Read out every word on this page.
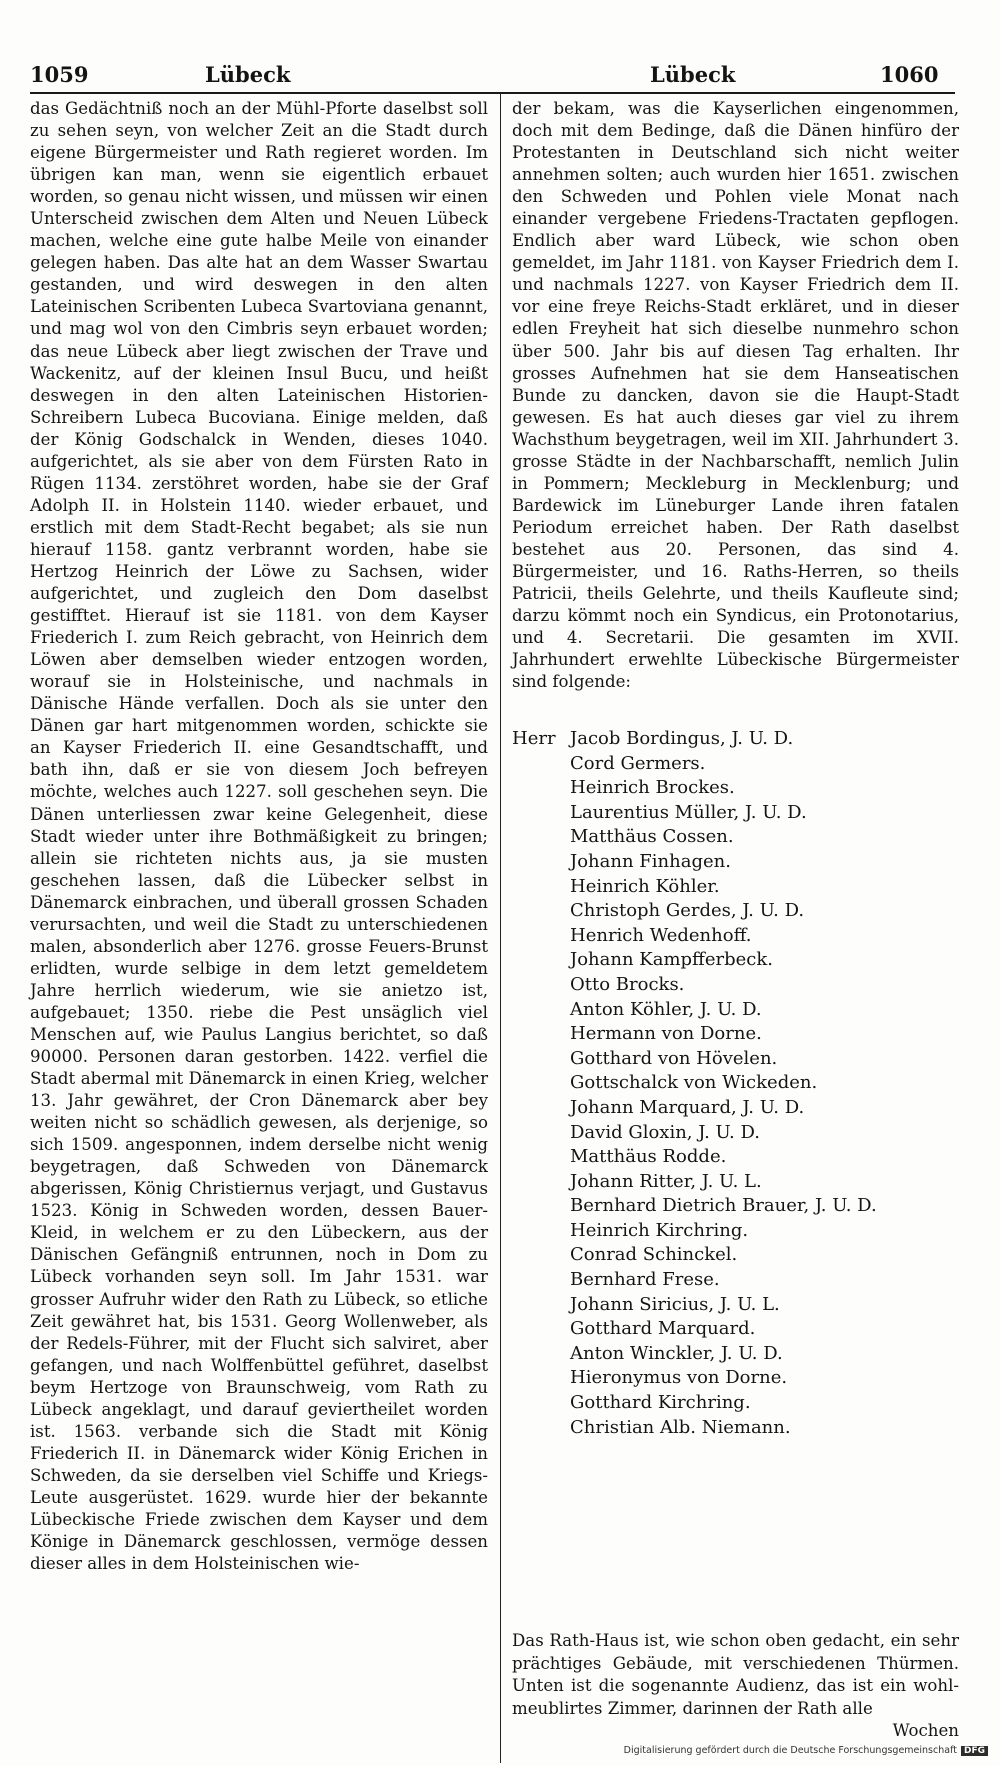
1059	Lübeck	Lübeck	1060

das Gedächtniß noch an der Mühl-Pforte daselbst soll zu sehen seyn, von welcher Zeit an die Stadt durch eigene Bürgermeister und Rath regieret worden. Im übrigen kan man, wenn sie eigentlich erbauet worden, so genau nicht wissen, und müssen wir einen Unterscheid zwischen dem Alten und Neuen Lübeck machen, welche eine gute halbe Meile von einander gelegen haben. Das alte hat an dem Wasser Swartau gestanden, und wird deswegen in den alten Lateinischen Scribenten Lubeca Svartoviana genannt, und mag wol von den Cimbris seyn erbauet worden; das neue Lübeck aber liegt zwischen der Trave und Wackenitz, auf der kleinen Insul Bucu, und heißt deswegen in den alten Lateinischen Historien-Schreibern Lubeca Bucoviana. Einige melden, daß der König Godschalck in Wenden, dieses 1040. aufgerichtet, als sie aber von dem Fürsten Rato in Rügen 1134. zerstöhret worden, habe sie der Graf Adolph II. in Holstein 1140. wieder erbauet, und erstlich mit dem Stadt-Recht begabet; als sie nun hierauf 1158. gantz verbrannt worden, habe sie Hertzog Heinrich der Löwe zu Sachsen, wider aufgerichtet, und zugleich den Dom daselbst gestifftet. Hierauf ist sie 1181. von dem Kayser Friederich I. zum Reich gebracht, von Heinrich dem Löwen aber demselben wieder entzogen worden, worauf sie in Holsteinische, und nachmals in Dänische Hände verfallen. Doch als sie unter den Dänen gar hart mitgenommen worden, schickte sie an Kayser Friederich II. eine Gesandtschafft, und bath ihn, daß er sie von diesem Joch befreyen möchte, welches auch 1227. soll geschehen seyn. Die Dänen unterliessen zwar keine Gelegenheit, diese Stadt wieder unter ihre Bothmäßigkeit zu bringen; allein sie richteten nichts aus, ja sie musten geschehen lassen, daß die Lübecker selbst in Dänemarck einbrachen, und überall grossen Schaden verursachten, und weil die Stadt zu unterschiedenen malen, absonderlich aber 1276. grosse Feuers-Brunst erlidten, wurde selbige in dem letzt gemeldetem Jahre herrlich wiederum, wie sie anietzo ist, aufgebauet; 1350. riebe die Pest unsäglich viel Menschen auf, wie Paulus Langius berichtet, so daß 90000. Personen daran gestorben. 1422. verfiel die Stadt abermal mit Dänemarck in einen Krieg, welcher 13. Jahr gewähret, der Cron Dänemarck aber bey weiten nicht so schädlich gewesen, als derjenige, so sich 1509. angesponnen, indem derselbe nicht wenig beygetragen, daß Schweden von Dänemarck abgerissen, König Christiernus verjagt, und Gustavus 1523. König in Schweden worden, dessen Bauer-Kleid, in welchem er zu den Lübeckern, aus der Dänischen Gefängniß entrunnen, noch in Dom zu Lübeck vorhanden seyn soll. Im Jahr 1531. war grosser Aufruhr wider den Rath zu Lübeck, so etliche Zeit gewähret hat, bis 1531. Georg Wollenweber, als der Redels-Führer, mit der Flucht sich salviret, aber gefangen, und nach Wolffenbüttel geführet, daselbst beym Hertzoge von Braunschweig, vom Rath zu Lübeck angeklagt, und darauf geviertheilet worden ist. 1563. verbande sich die Stadt mit König Friederich II. in Dänemarck wider König Erichen in Schweden, da sie derselben viel Schiffe und Kriegs-Leute ausgerüstet. 1629. wurde hier der bekannte Lübeckische Friede zwischen dem Kayser und dem Könige in Dänemarck geschlossen, vermöge dessen dieser alles in dem Holsteinischen wie-

der bekam, was die Kayserlichen eingenommen, doch mit dem Bedinge, daß die Dänen hinfüro der Protestanten in Deutschland sich nicht weiter annehmen solten; auch wurden hier 1651. zwischen den Schweden und Pohlen viele Monat nach einander vergebene Friedens-Tractaten gepflogen. Endlich aber ward Lübeck, wie schon oben gemeldet, im Jahr 1181. von Kayser Friedrich dem I. und nachmals 1227. von Kayser Friedrich dem II. vor eine freye Reichs-Stadt erkläret, und in dieser edlen Freyheit hat sich dieselbe nunmehro schon über 500. Jahr bis auf diesen Tag erhalten. Ihr grosses Aufnehmen hat sie dem Hanseatischen Bunde zu dancken, davon sie die Haupt-Stadt gewesen. Es hat auch dieses gar viel zu ihrem Wachsthum beygetragen, weil im XII. Jahrhundert 3. grosse Städte in der Nachbarschafft, nemlich Julin in Pommern; Meckleburg in Mecklenburg; und Bardewick im Lüneburger Lande ihren fatalen Periodum erreichet haben. Der Rath daselbst bestehet aus 20. Personen, das sind 4. Bürgermeister, und 16. Raths-Herren, so theils Patricii, theils Gelehrte, und theils Kaufleute sind; darzu kömmt noch ein Syndicus, ein Protonotarius, und 4. Secretarii. Die gesamten im XVII. Jahrhundert erwehlte Lübeckische Bürgermeister sind folgende:

Herr Jacob Bordingus, J. U. D.
Cord Germers.
Heinrich Brockes.
Laurentius Müller, J. U. D.
Matthäus Cossen.
Johann Finhagen.
Heinrich Köhler.
Christoph Gerdes, J. U. D.
Henrich Wedenhoff.
Johann Kampfferbeck.
Otto Brocks.
Anton Köhler, J. U. D.
Hermann von Dorne.
Gotthard von Hövelen.
Gottschalck von Wickeden.
Johann Marquard, J. U. D.
David Gloxin, J. U. D.
Matthäus Rodde.
Johann Ritter, J. U. L.
Bernhard Dietrich Brauer, J. U. D.
Heinrich Kirchring.
Conrad Schinckel.
Bernhard Frese.
Johann Siricius, J. U. L.
Gotthard Marquard.
Anton Winckler, J. U. D.
Hieronymus von Dorne.
Gotthard Kirchring.
Christian Alb. Niemann.
Das Rath-Haus ist, wie schon oben gedacht, ein sehr prächtiges Gebäude, mit verschiedenen Thürmen. Unten ist die sogenannte Audienz, das ist ein wohl-meublirtes Zimmer, darinnen der Rath alle
Wochen
Digitalisierung gefördert durch die Deutsche Forschungsgemeinschaft DFG
